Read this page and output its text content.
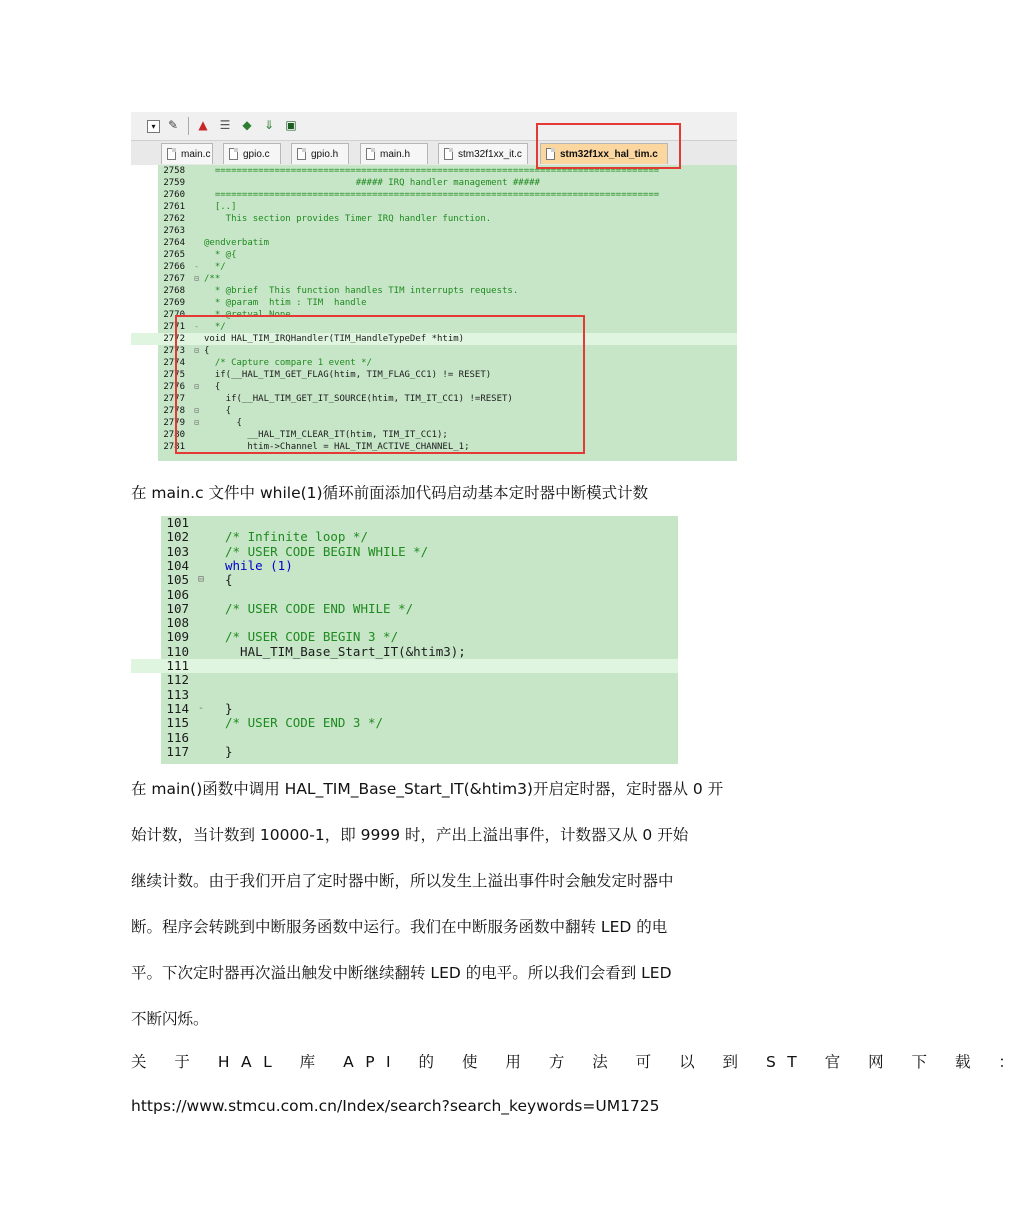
▾	✎ ▲ ☰ ◆ ⇓ ▣
main.c	gpio.c	gpio.h	main.h	stm32f1xx_it.c	stm32f1xx_hal_tim.c
2758 ==================================================================================
2759 ##### IRQ handler management #####
2760 ==================================================================================
2761 [..]
2762 This section provides Timer IRQ handler function.
2763
2764 @endverbatim
2765 * @{
2766 - */
2767 ⊟ /**
2768 * @brief  This function handles TIM interrupts requests.
2769 * @param  htim : TIM  handle
2770 * @retval None
2771 - */
2772 void HAL_TIM_IRQHandler(TIM_HandleTypeDef *htim)
2773 ⊟ {
2774 /* Capture compare 1 event */
2775 if(__HAL_TIM_GET_FLAG(htim, TIM_FLAG_CC1) != RESET)
2776 ⊟ {
2777 if(__HAL_TIM_GET_IT_SOURCE(htim, TIM_IT_CC1) !=RESET)
2778 ⊟ {
2779 ⊟ {
2780 __HAL_TIM_CLEAR_IT(htim, TIM_IT_CC1);
2781 htim->Channel = HAL_TIM_ACTIVE_CHANNEL_1;
在 main.c 文件中 while(1)循环前面添加代码启动基本定时器中断模式计数
101
102	/* Infinite loop */
103	/* USER CODE BEGIN WHILE */
104	while (1)
105 ⊟ {
106
107	/* USER CODE END WHILE */
108
109	/* USER CODE BEGIN 3 */
110	HAL_TIM_Base_Start_IT(&htim3);
111
112
113
114 - }
115	/* USER CODE END 3 */
116
117	}
在 main()函数中调用 HAL_TIM_Base_Start_IT(&htim3)开启定时器，定时器从 0 开
始计数，当计数到 10000-1，即 9999 时，产出上溢出事件，计数器又从 0 开始
继续计数。由于我们开启了定时器中断，所以发生上溢出事件时会触发定时器中
断。程序会转跳到中断服务函数中运行。我们在中断服务函数中翻转 LED 的电
平。下次定时器再次溢出触发中断继续翻转 LED 的电平。所以我们会看到 LED
不断闪烁。
关 于 HAL 库 API 的 使 用 方 法 可 以 到 ST 官 网 下 载 ：
https://www.stmcu.com.cn/Index/search?search_keywords=UM1725
